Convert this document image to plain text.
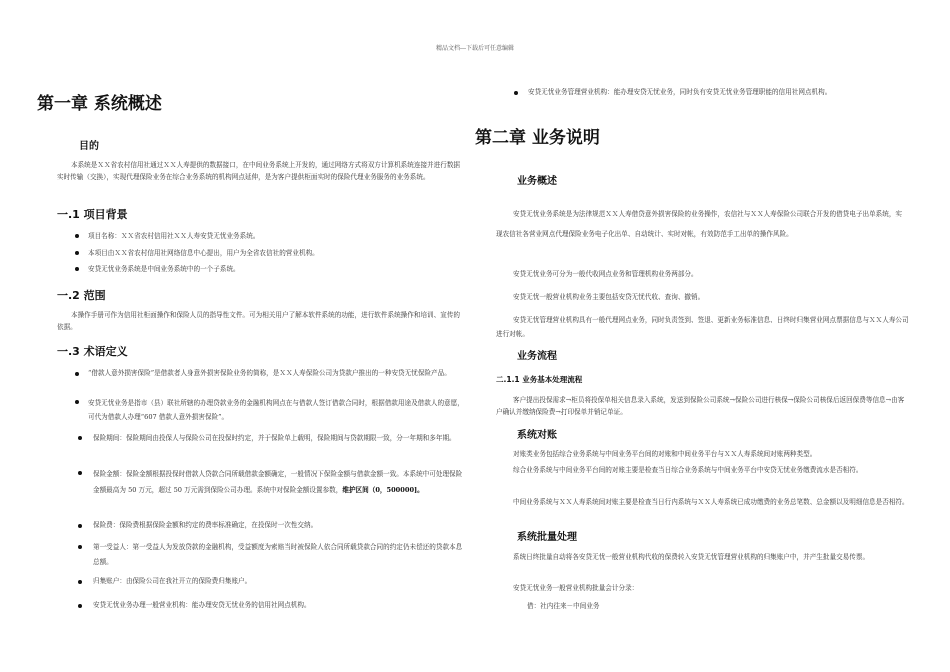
精品文档---下载后可任意编辑
第一章 系统概述
目的
本系统是ＸＸ省农村信用社通过ＸＸ人寿提供的数据接口，在中间业务系统上开发的，通过网络方式将双方计算机系统连接并进行数据实时传输（交换），实现代理保险业务在综合业务系统的机构网点延伸，是为客户提供柜面实时的保险代理业务服务的业务系统。
一.1 项目背景
项目名称：ＸＸ省农村信用社ＸＸ人寿安贷无忧业务系统。
本项目由ＸＸ省农村信用社网络信息中心提出，用户为全省农信社的营业机构。
安贷无忧业务系统是中间业务系统中的一个子系统。
一.2 范围
本操作手册可作为信用社柜面操作和保险人员的指导性文件。可为相关用户了解本软件系统的功能，进行软件系统操作和培训、宣传的依据。
一.3 术语定义
“借款人意外损害保险”是借款者人身意外损害保险业务的简称，是ＸＸ人寿保险公司为贷款户推出的一种安贷无忧保险产品。
安贷无忧业务是指市（县）联社所辖的办理贷款业务的金融机构网点在与借款人签订借款合同时，根据借款用途及借款人的意愿，可代为借款人办理“607 借款人意外损害保险”。
保险期间：保险期间由投保人与保险公司在投保时约定，并于保险单上载明，保险期间与贷款期限一致，分一年期和多年期。
保险金额：保险金额根据投保时借款人贷款合同所载借款金额确定，一般情况下保险金额与借款金额一致。本系统中可处理保险金额最高为 50 万元，超过 50 万元需到保险公司办理。系统中对保险金额设置参数，维护区间（0，500000]。
保险费：保险费根据保险金额和约定的费率标准确定，在投保时一次性交纳。
第一受益人：第一受益人为发放贷款的金融机构，受益额度为索赔当时被保险人依合同所载贷款合同的约定仍未偿还的贷款本息总额。
归集账户：由保险公司在我社开立的保险费归集账户。
安贷无忧业务办理一般营业机构：能办理安贷无忧业务的信用社网点机构。
安贷无忧业务管理营业机构：能办理安贷无忧业务，同时负有安贷无忧业务管理职能的信用社网点机构。
第二章 业务说明
业务概述
安贷无忧业务系统是为法律规范ＸＸ人寿借贷意外损害保险的业务操作，农信社与ＸＸ人寿保险公司联合开发的借贷电子出单系统，实现农信社各营业网点代理保险业务电子化出单、自动统计、实时对帐，有效防范手工出单的操作风险。
安贷无忧业务可分为一般代收网点业务和管理机构业务两部分。
安贷无忧一般营业机构业务主要包括安贷无忧代收、查询、撤销。
安贷无忧管理营业机构具有一般代理网点业务，同时负责签到、签退、更新业务标准信息、日终时归集营业网点票据信息与ＸＸ人寿公司进行对帐。
业务流程
二.1.1 业务基本处理流程
客户提出投保需求→柜员将投保单相关信息录入系统，发送到保险公司系统→保险公司进行核保→保险公司核保后返回保费等信息→由客户确认并缴纳保险费→打印保单并销记单证。
系统对账
对账类业务包括综合业务系统与中间业务平台间的对账和中间业务平台与ＸＸ人寿系统间对账两种类型。
综合业务系统与中间业务平台间的对账主要是检查当日综合业务系统与中间业务平台中安贷无忧业务缴费流水是否相符。
中间业务系统与ＸＸ人寿系统间对账主要是检查当日行内系统与ＸＸ人寿系统已成功缴费的业务总笔数、总金额以及明细信息是否相符。
系统批量处理
系统日终批量自动将各安贷无忧一般营业机构代收的保费转入安贷无忧管理营业机构的归集账户中，并产生批量交易传票。
安贷无忧业务一般营业机构批量会计分录：
借：社内往来－中间业务
